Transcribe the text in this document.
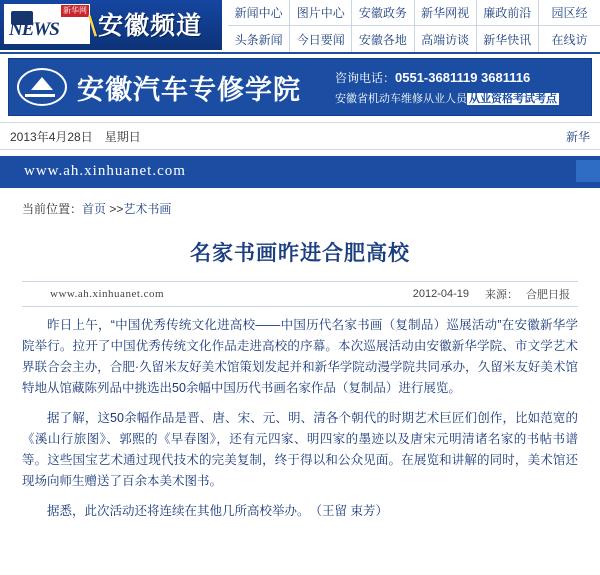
新华网
NEWS \安徽频道	新闻中心	图片中心	安徽政务	新华网视	廉政前沿	园区经
头条新闻	今日要闻	安徽各地	高端访谈	新华快讯	在线访
安徽汽车专修学院	咨询电话：0551-3681119 3681116
安徽省机动车维修从业人员 从业资格考试考点
2013年4月28日　星期日	新华
www.ah.xinhuanet.com
当前位置：首页 >>艺术书画
名家书画昨进合肥高校
www.ah.xinhuanet.com	2012-04-19 来源： 合肥日报

昨日上午，“中国优秀传统文化进高校——中国历代名家书画（复制品）巡展活动”在安徽新华学院举行。拉开了中国优秀传统文化作品走进高校的序幕。本次巡展活动由安徽新华学院、市文学艺术界联合会主办，合肥·久留米友好美术馆策划发起并和新华学院动漫学院共同承办，久留米友好美术馆特地从馆藏陈列品中挑选出50余幅中国历代书画名家作品（复制品）进行展览。

据了解，这50余幅作品是晋、唐、宋、元、明、清各个朝代的时期艺术巨匠们创作，比如范宽的《溪山行旅图》、郭熙的《早春图》，还有元四家、明四家的墨迹以及唐宋元明清诸名家的书帖书谱等。这些国宝艺术通过现代技术的完美复制，终于得以和公众见面。在展览和讲解的同时，美术馆还现场向师生赠送了百余本美术图书。

据悉，此次活动还将连续在其他几所高校举办。　（王留 束芳）
